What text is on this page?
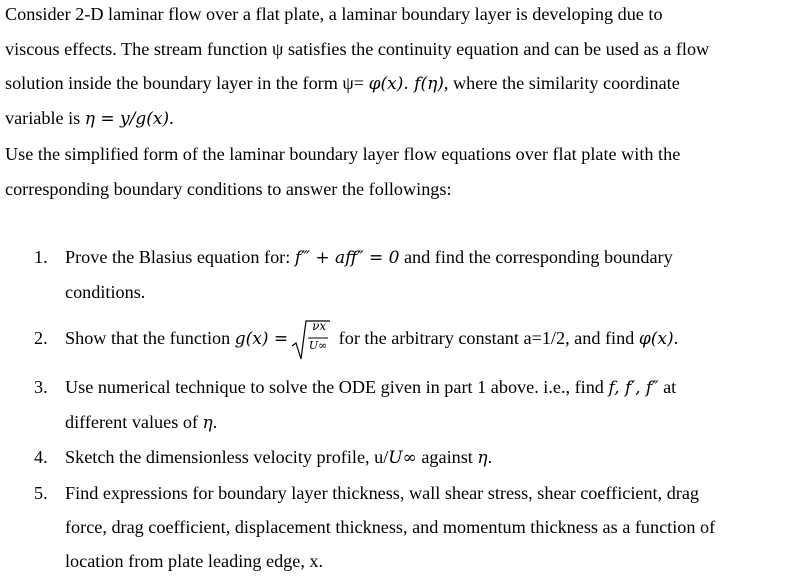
Consider 2-D laminar flow over a flat plate, a laminar boundary layer is developing due to
viscous effects. The stream function ψ satisfies the continuity equation and can be used as a flow
solution inside the boundary layer in the form ψ= φ(x). f(η), where the similarity coordinate
variable is η = y/g(x).
Use the simplified form of the laminar boundary layer flow equations over flat plate with the
corresponding boundary conditions to answer the followings:
1. Prove the Blasius equation for: f‴ + aff″ = 0 and find the corresponding boundary
conditions.
2. Show that the function g(x) =
νx
U∞ for the arbitrary constant a=1/2, and find φ(x).
3. Use numerical technique to solve the ODE given in part 1 above. i.e., find f, f′, f″ at
different values of η.
4. Sketch the dimensionless velocity profile, u/U∞ against η.
5. Find expressions for boundary layer thickness, wall shear stress, shear coefficient, drag
force, drag coefficient, displacement thickness, and momentum thickness as a function of
location from plate leading edge, x.
